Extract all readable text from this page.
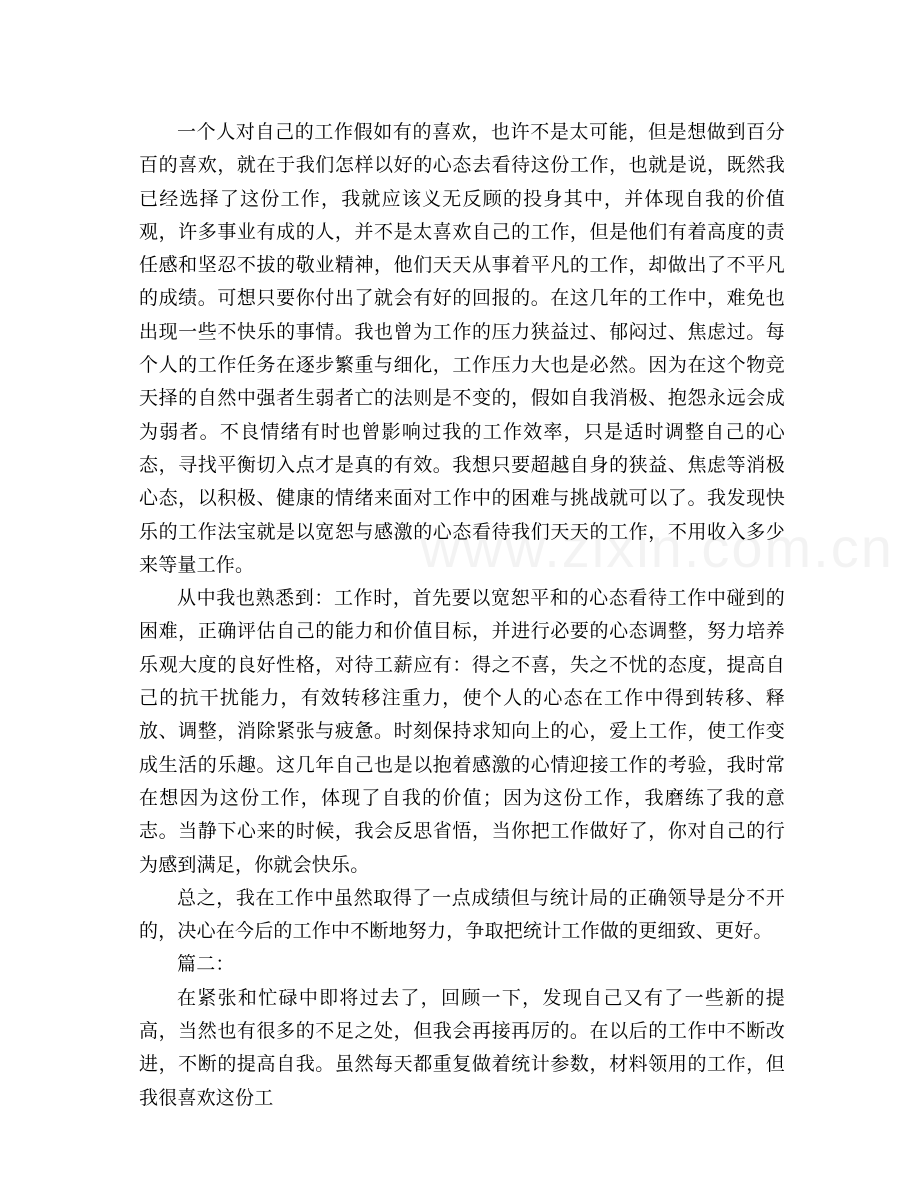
一个人对自己的工作假如有的喜欢，也许不是太可能，但是想做到百分百的喜欢，就在于我们怎样以好的心态去看待这份工作，也就是说，既然我已经选择了这份工作，我就应该义无反顾的投身其中，并体现自我的价值观，许多事业有成的人，并不是太喜欢自己的工作，但是他们有着高度的责任感和坚忍不拔的敬业精神，他们天天从事着平凡的工作，却做出了不平凡的成绩。可想只要你付出了就会有好的回报的。在这几年的工作中，难免也出现一些不快乐的事情。我也曾为工作的压力狭益过、郁闷过、焦虑过。每个人的工作任务在逐步繁重与细化，工作压力大也是必然。因为在这个物竞天择的自然中强者生弱者亡的法则是不变的，假如自我消极、抱怨永远会成为弱者。不良情绪有时也曾影响过我的工作效率，只是适时调整自己的心态，寻找平衡切入点才是真的有效。我想只要超越自身的狭益、焦虑等消极心态，以积极、健康的情绪来面对工作中的困难与挑战就可以了。我发现快乐的工作法宝就是以宽恕与感激的心态看待我们天天的工作，不用收入多少来等量工作。

从中我也熟悉到：工作时，首先要以宽恕平和的心态看待工作中碰到的困难，正确评估自己的能力和价值目标，并进行必要的心态调整，努力培养乐观大度的良好性格，对待工薪应有：得之不喜，失之不忧的态度，提高自己的抗干扰能力，有效转移注重力，使个人的心态在工作中得到转移、释放、调整，消除紧张与疲惫。时刻保持求知向上的心，爱上工作，使工作变成生活的乐趣。这几年自己也是以抱着感激的心情迎接工作的考验，我时常在想因为这份工作，体现了自我的价值；因为这份工作，我磨练了我的意志。当静下心来的时候，我会反思省悟，当你把工作做好了，你对自己的行为感到满足，你就会快乐。

总之，我在工作中虽然取得了一点成绩但与统计局的正确领导是分不开的，决心在今后的工作中不断地努力，争取把统计工作做的更细致、更好。

篇二：

在紧张和忙碌中即将过去了，回顾一下，发现自己又有了一些新的提高，当然也有很多的不足之处，但我会再接再厉的。在以后的工作中不断改进，不断的提高自我。虽然每天都重复做着统计参数，材料领用的工作，但我很喜欢这份工
